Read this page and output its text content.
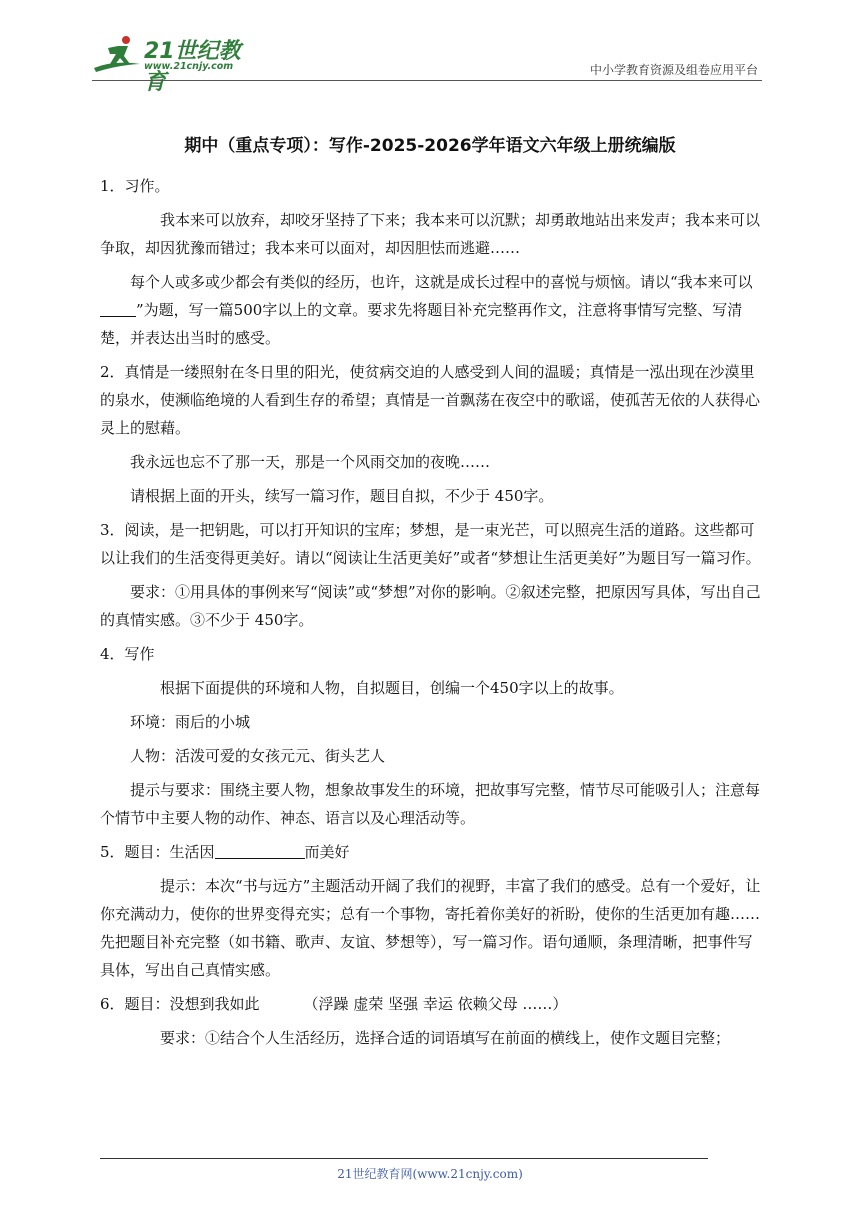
21世纪教育
www.21cnjy.com	中小学教育资源及组卷应用平台
期中（重点专项）：写作-2025-2026学年语文六年级上册统编版

1．习作。

我本来可以放弃，却咬牙坚持了下来；我本来可以沉默；却勇敢地站出来发声；我本来可以争取，却因犹豫而错过；我本来可以面对，却因胆怯而逃避……

每个人或多或少都会有类似的经历，也许，这就是成长过程中的喜悦与烦恼。请以“我本来可以”为题，写一篇500字以上的文章。要求先将题目补充完整再作文，注意将事情写完整、写清楚，并表达出当时的感受。

2．真情是一缕照射在冬日里的阳光，使贫病交迫的人感受到人间的温暖；真情是一泓出现在沙漠里的泉水，使濒临绝境的人看到生存的希望；真情是一首飘荡在夜空中的歌谣，使孤苦无依的人获得心灵上的慰藉。

我永远也忘不了那一天，那是一个风雨交加的夜晚……

请根据上面的开头，续写一篇习作，题目自拟，不少于 450字。

3．阅读，是一把钥匙，可以打开知识的宝库；梦想，是一束光芒，可以照亮生活的道路。这些都可以让我们的生活变得更美好。请以“阅读让生活更美好”或者“梦想让生活更美好”为题目写一篇习作。

要求：①用具体的事例来写“阅读”或“梦想”对你的影响。②叙述完整，把原因写具体，写出自己的真情实感。③不少于 450字。

4．写作

根据下面提供的环境和人物，自拟题目，创编一个450字以上的故事。

环境：雨后的小城

人物：活泼可爱的女孩元元、街头艺人

提示与要求：围绕主要人物，想象故事发生的环境，把故事写完整，情节尽可能吸引人；注意每个情节中主要人物的动作、神态、语言以及心理活动等。

5．题目：生活因	而美好

提示：本次“书与远方”主题活动开阔了我们的视野，丰富了我们的感受。总有一个爱好，让你充满动力，使你的世界变得充实；总有一个事物，寄托着你美好的祈盼，使你的生活更加有趣……先把题目补充完整（如书籍、歌声、友谊、梦想等），写一篇习作。语句通顺，条理清晰，把事件写具体，写出自己真情实感。

6．题目：没想到我如此	（浮躁 虚荣 坚强 幸运 依赖父母 ……）

要求：①结合个人生活经历，选择合适的词语填写在前面的横线上，使作文题目完整；

21世纪教育网(www.21cnjy.com)
